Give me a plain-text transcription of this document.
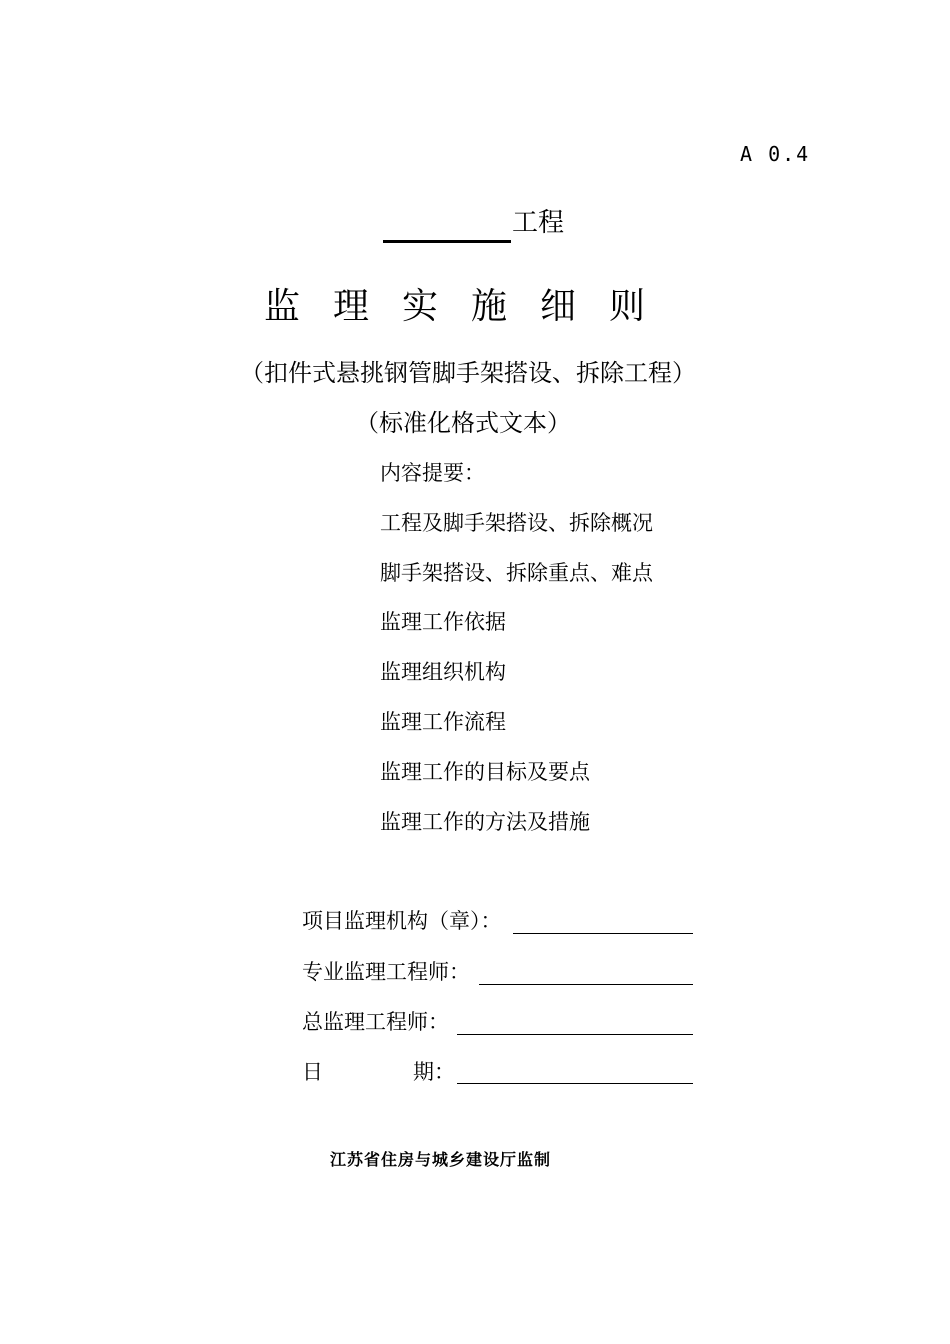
A 0.4
工程
监理实施细则
（扣件式悬挑钢管脚手架搭设、拆除工程）
（标准化格式文本）
内容提要：
工程及脚手架搭设、拆除概况
脚手架搭设、拆除重点、难点
监理工作依据
监理组织机构
监理工作流程
监理工作的目标及要点
监理工作的方法及措施
项目监理机构（章）：
专业监理工程师：
总监理工程师：
日	期：
江苏省住房与城乡建设厅监制
